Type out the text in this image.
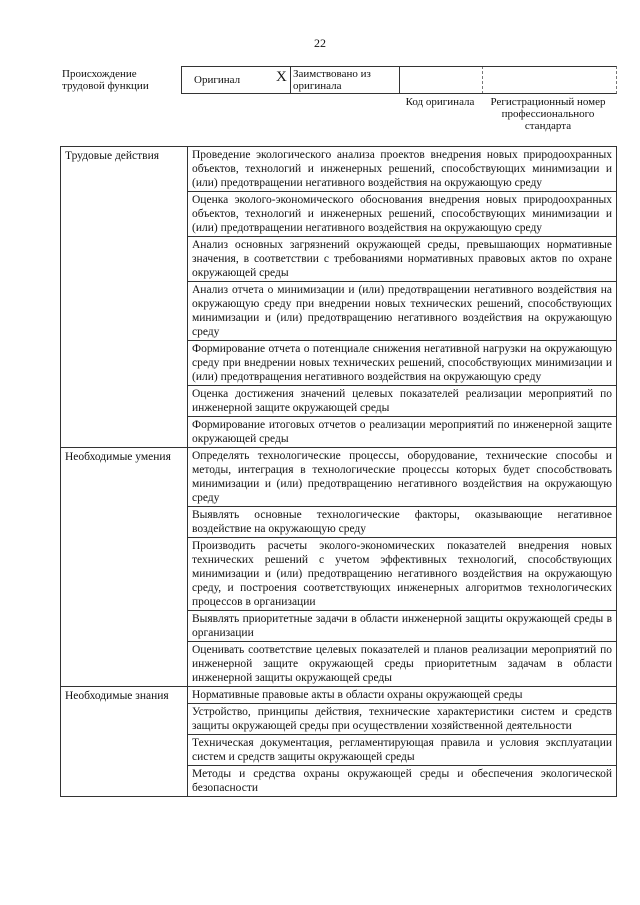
22
Происхождение трудовой функции	Оригинал X Заимствовано из оригинала
Код оригинала	Регистрационный номер профессионального стандарта
Трудовые действия	Проведение экологического анализа проектов внедрения новых природоохранных объектов, технологий и инженерных решений, способствующих минимизации и (или) предотвращении негативного воздействия на окружающую среду
	Оценка эколого-экономического обоснования внедрения новых природоохранных объектов, технологий и инженерных решений, способствующих минимизации и (или) предотвращении негативного воздействия на окружающую среду
	Анализ основных загрязнений окружающей среды, превышающих нормативные значения, в соответствии с требованиями нормативных правовых актов по охране окружающей среды
	Анализ отчета о минимизации и (или) предотвращении негативного воздействия на окружающую среду при внедрении новых технических решений, способствующих минимизации и (или) предотвращению негативного воздействия на окружающую среду
	Формирование отчета о потенциале снижения негативной нагрузки на окружающую среду при внедрении новых технических решений, способствующих минимизации и (или) предотвращения негативного воздействия на окружающую среду
	Оценка достижения значений целевых показателей реализации мероприятий по инженерной защите окружающей среды
	Формирование итоговых отчетов о реализации мероприятий по инженерной защите окружающей среды
Необходимые умения	Определять технологические процессы, оборудование, технические способы и методы, интеграция в технологические процессы которых будет способствовать минимизации и (или) предотвращению негативного воздействия на окружающую среду
	Выявлять основные технологические факторы, оказывающие негативное воздействие на окружающую среду
	Производить расчеты эколого-экономических показателей внедрения новых технических решений с учетом эффективных технологий, способствующих минимизации и (или) предотвращению негативного воздействия на окружающую среду, и построения соответствующих инженерных алгоритмов технологических процессов в организации
	Выявлять приоритетные задачи в области инженерной защиты окружающей среды в организации
	Оценивать соответствие целевых показателей и планов реализации мероприятий по инженерной защите окружающей среды приоритетным задачам в области инженерной защиты окружающей среды
Необходимые знания	Нормативные правовые акты в области охраны окружающей среды
	Устройство, принципы действия, технические характеристики систем и средств защиты окружающей среды при осуществлении хозяйственной деятельности
	Техническая документация, регламентирующая правила и условия эксплуатации систем и средств защиты окружающей среды
	Методы и средства охраны окружающей среды и обеспечения экологической безопасности
